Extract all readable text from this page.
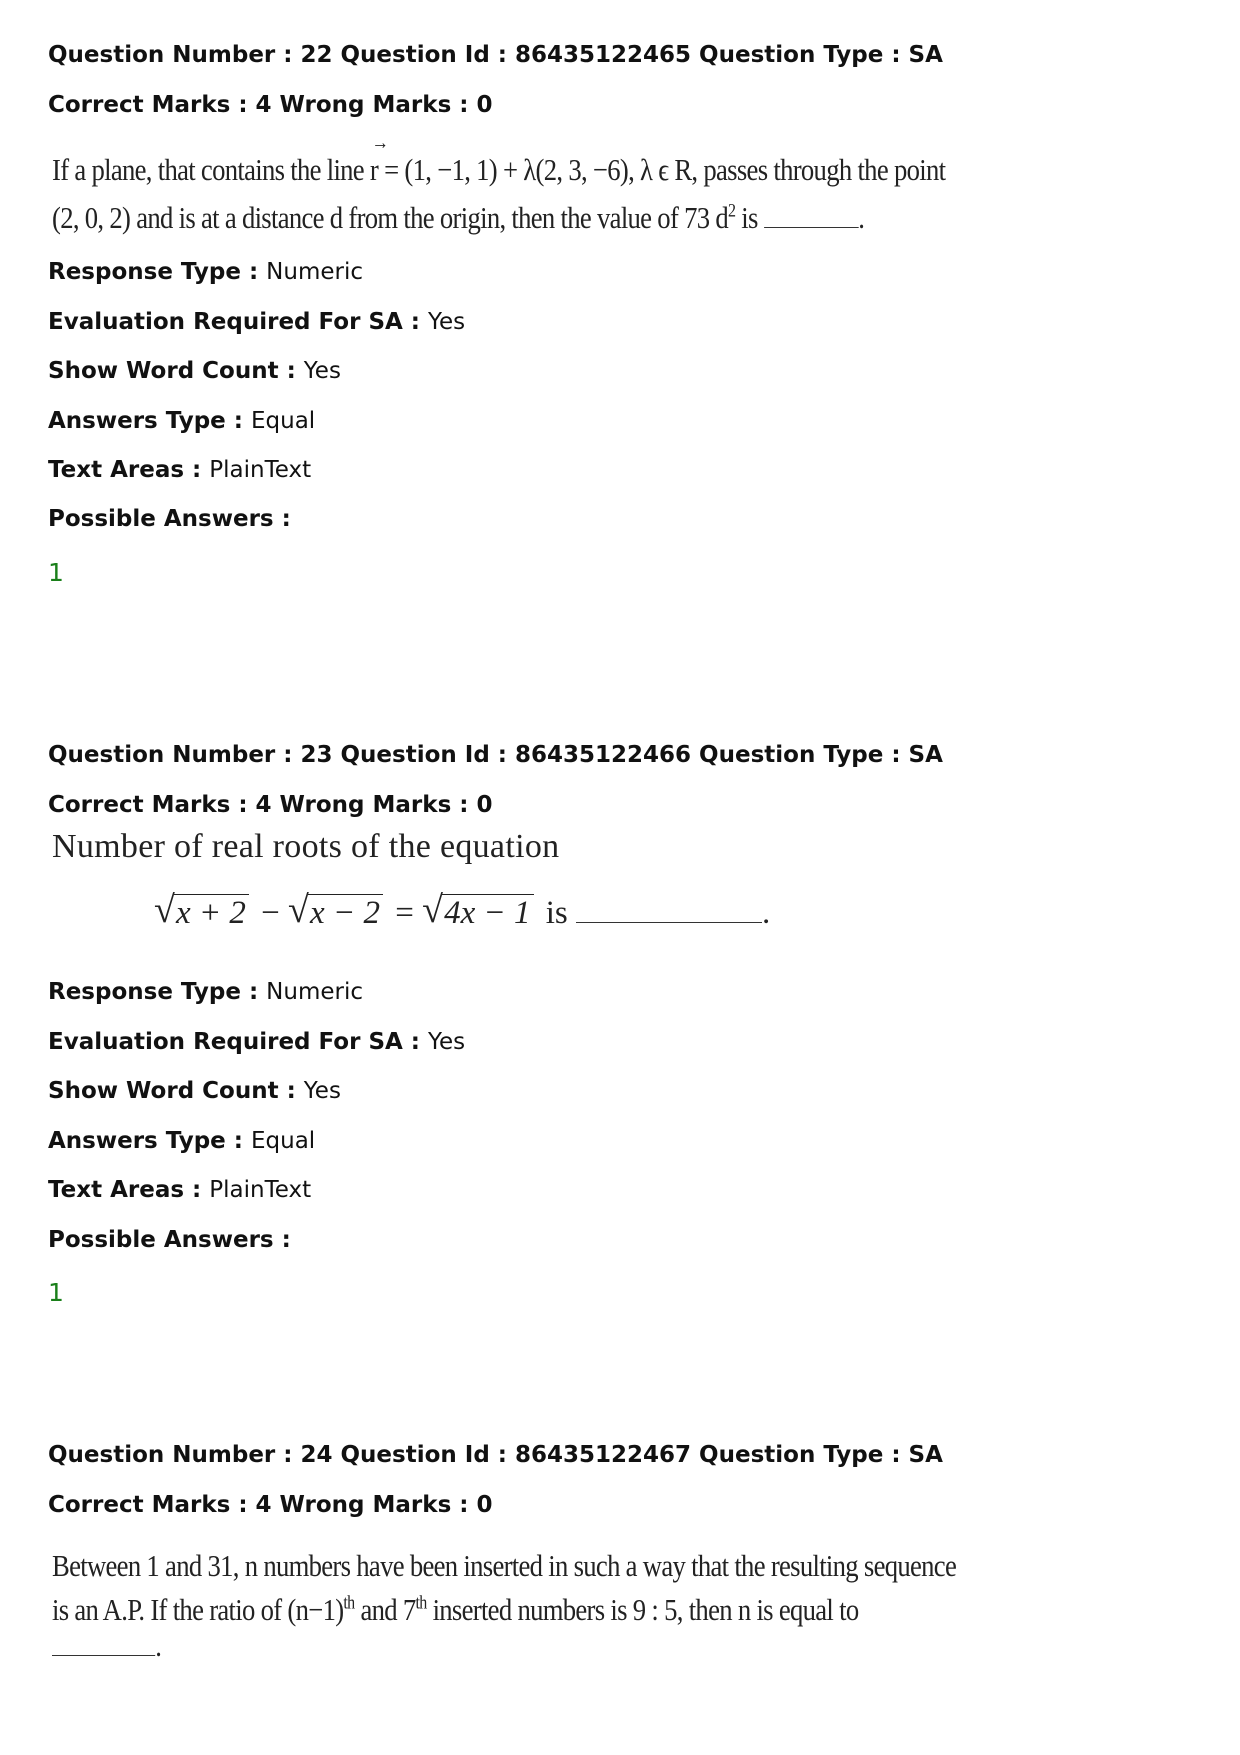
Question Number : 22 Question Id : 86435122465 Question Type : SA
Correct Marks : 4 Wrong Marks : 0
If a plane, that contains the line
→
r = (1, −1, 1) + λ(2, 3, −6), λ ϵ R, passes through the point
(2, 0, 2) and is at a distance d from the origin, then the value of 73 $d^2$ is	.
Response Type : Numeric
Evaluation Required For SA : Yes
Show Word Count : Yes
Answers Type : Equal
Text Areas : PlainText
Possible Answers :
1
Question Number : 23 Question Id : 86435122466 Question Type : SA
Correct Marks : 4 Wrong Marks : 0
Number of real roots of the equation
√ x + 2 − √ x − 2 = √ 4x − 1 is	.
Response Type : Numeric
Evaluation Required For SA : Yes
Show Word Count : Yes
Answers Type : Equal
Text Areas : PlainText
Possible Answers :
1
Question Number : 24 Question Id : 86435122467 Question Type : SA
Correct Marks : 4 Wrong Marks : 0
Between 1 and 31, n numbers have been inserted in such a way that the resulting sequence
is an A.P. If the ratio of $(n-1)^{th}$ and 7th inserted numbers is 9 : 5, then n is equal to
.
